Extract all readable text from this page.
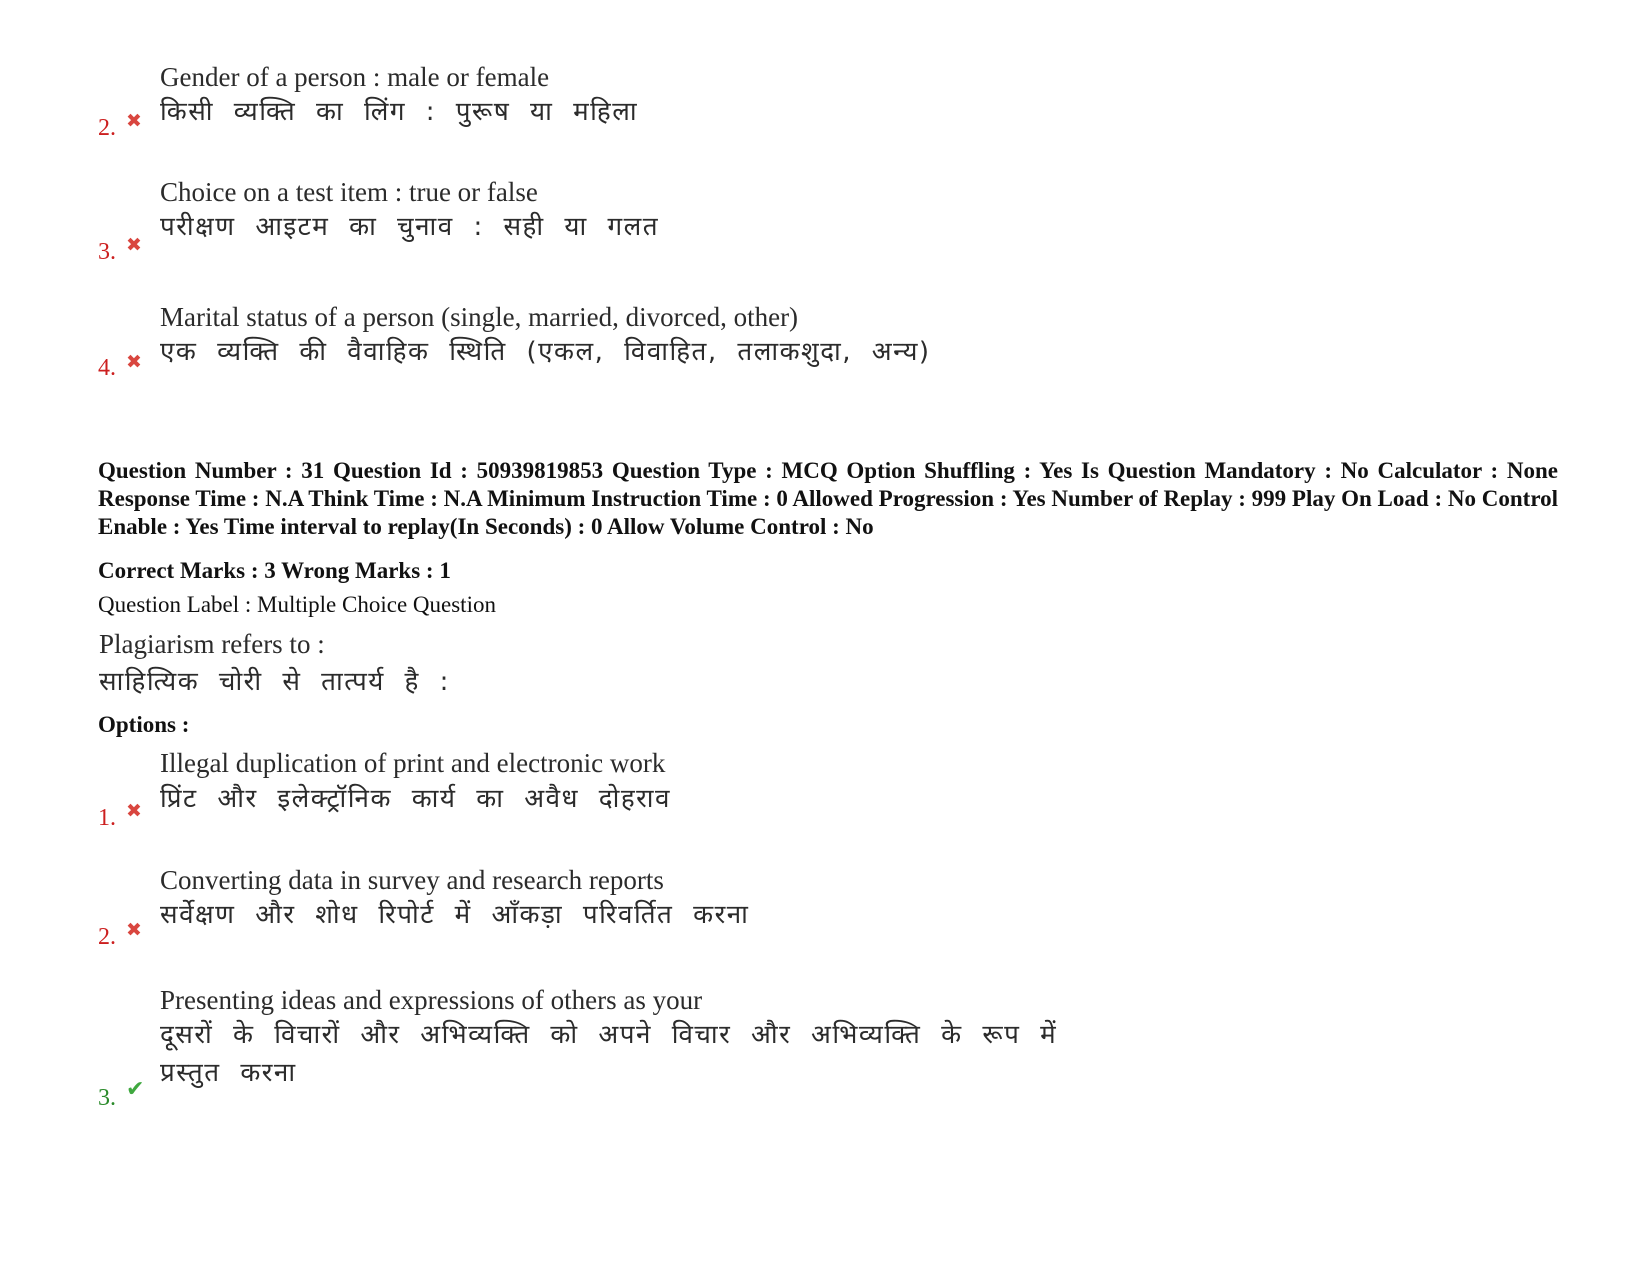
Gender of a person : male or female
किसी व्यक्ति का लिंग : पुरूष या महिला
2. ✖
Choice on a test item : true or false
परीक्षण आइटम का चुनाव : सही या गलत
3. ✖
Marital status of a person (single, married, divorced, other)
एक व्यक्ति की वैवाहिक स्थिति (एकल, विवाहित, तलाकशुदा, अन्य)
4. ✖
Question Number : 31 Question Id : 50939819853 Question Type : MCQ Option Shuffling : Yes Is Question Mandatory : No Calculator : None Response Time : N.A Think Time : N.A Minimum Instruction Time : 0 Allowed Progression : Yes Number of Replay : 999 Play On Load : No Control Enable : Yes Time interval to replay(In Seconds) : 0 Allow Volume Control : No
Correct Marks : 3 Wrong Marks : 1
Question Label : Multiple Choice Question
Plagiarism refers to :
साहित्यिक चोरी से तात्पर्य है :
Options :
Illegal duplication of print and electronic work
प्रिंट और इलेक्ट्रॉनिक कार्य का अवैध दोहराव
1. ✖
Converting data in survey and research reports
सर्वेक्षण और शोध रिपोर्ट में आँकड़ा परिवर्तित करना
2. ✖
Presenting ideas and expressions of others as your
दूसरों के विचारों और अभिव्यक्ति को अपने विचार और अभिव्यक्ति के रूप में
प्रस्तुत करना
3. ✔
